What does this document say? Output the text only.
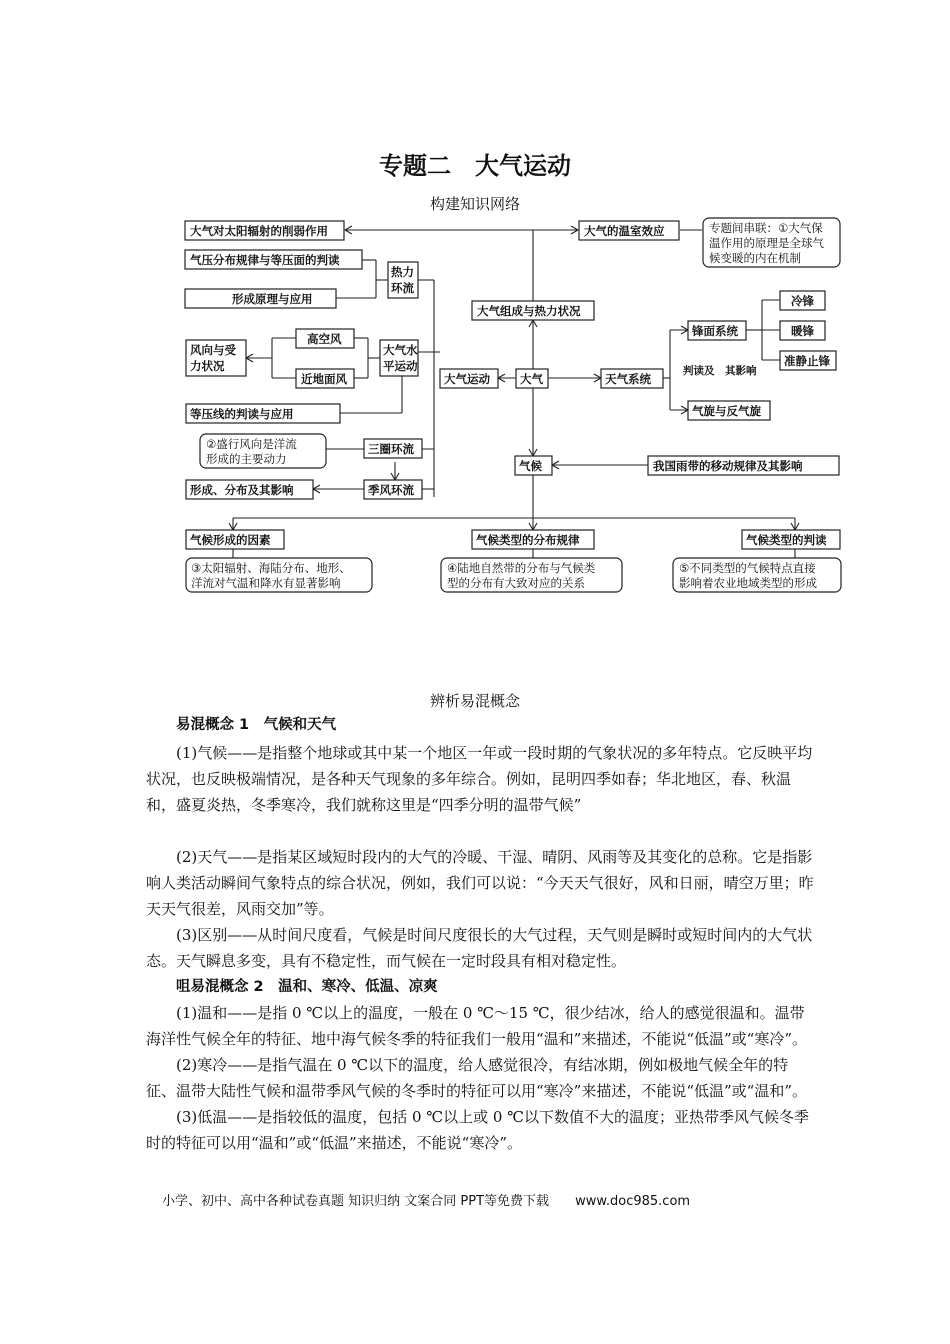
专题二　大气运动
构建知识网络
大气对太阳辐射的削弱作用	大气的温室效应	专题间串联：①大气保
温作用的原理是全球气
候变暖的内在机制
气压分布规律与等压面的判读
形成原理与应用
热力
环流
大气组成与热力状况
冷锋
暖锋
准静止锋
锋面系统
风向与受
力状况
高空风
近地面风
大气水
平运动
大气运动	大气	天气系统
判读及　其影响
气旋与反气旋
等压线的判读与应用
②盛行风向是洋流
形成的主要动力
三圈环流
气候	我国雨带的移动规律及其影响
形成、分布及其影响	季风环流
气候形成的因素	气候类型的分布规律	气候类型的判读
③太阳辐射、海陆分布、地形、
洋流对气温和降水有显著影响
④陆地自然带的分布与气候类
型的分布有大致对应的关系
⑤不同类型的气候特点直接
影响着农业地域类型的形成
辨析易混概念

易混概念 1　气候和天气

(1)气候——是指整个地球或其中某一个地区一年或一段时期的气象状况的多年特点。它反映平均状况，也反映极端情况，是各种天气现象的多年综合。例如，昆明四季如春；华北地区，春、秋温和，盛夏炎热，冬季寒冷，我们就称这里是“四季分明的温带气候”

(2)天气——是指某区域短时段内的大气的冷暖、干湿、晴阴、风雨等及其变化的总称。它是指影响人类活动瞬间气象特点的综合状况，例如，我们可以说：“今天天气很好，风和日丽，晴空万里；昨天天气很差，风雨交加”等。

(3)区别——从时间尺度看，气候是时间尺度很长的大气过程，天气则是瞬时或短时间内的大气状态。天气瞬息多变，具有不稳定性，而气候在一定时段具有相对稳定性。

咀易混概念 2　温和、寒冷、低温、凉爽

(1)温和——是指 0 ℃以上的温度，一般在 0 ℃～15 ℃，很少结冰，给人的感觉很温和。温带海洋性气候全年的特征、地中海气候冬季的特征我们一般用“温和”来描述，不能说“低温”或“寒冷”。

(2)寒冷——是指气温在 0 ℃以下的温度，给人感觉很冷，有结冰期，例如极地气候全年的特征、温带大陆性气候和温带季风气候的冬季时的特征可以用“寒冷”来描述，不能说“低温”或“温和”。

(3)低温——是指较低的温度，包括 0 ℃以上或 0 ℃以下数值不大的温度；亚热带季风气候冬季时的特征可以用“温和”或“低温”来描述，不能说“寒冷”。

小学、初中、高中各种试卷真题 知识归纳 文案合同 PPT等免费下载 www.doc985.com
